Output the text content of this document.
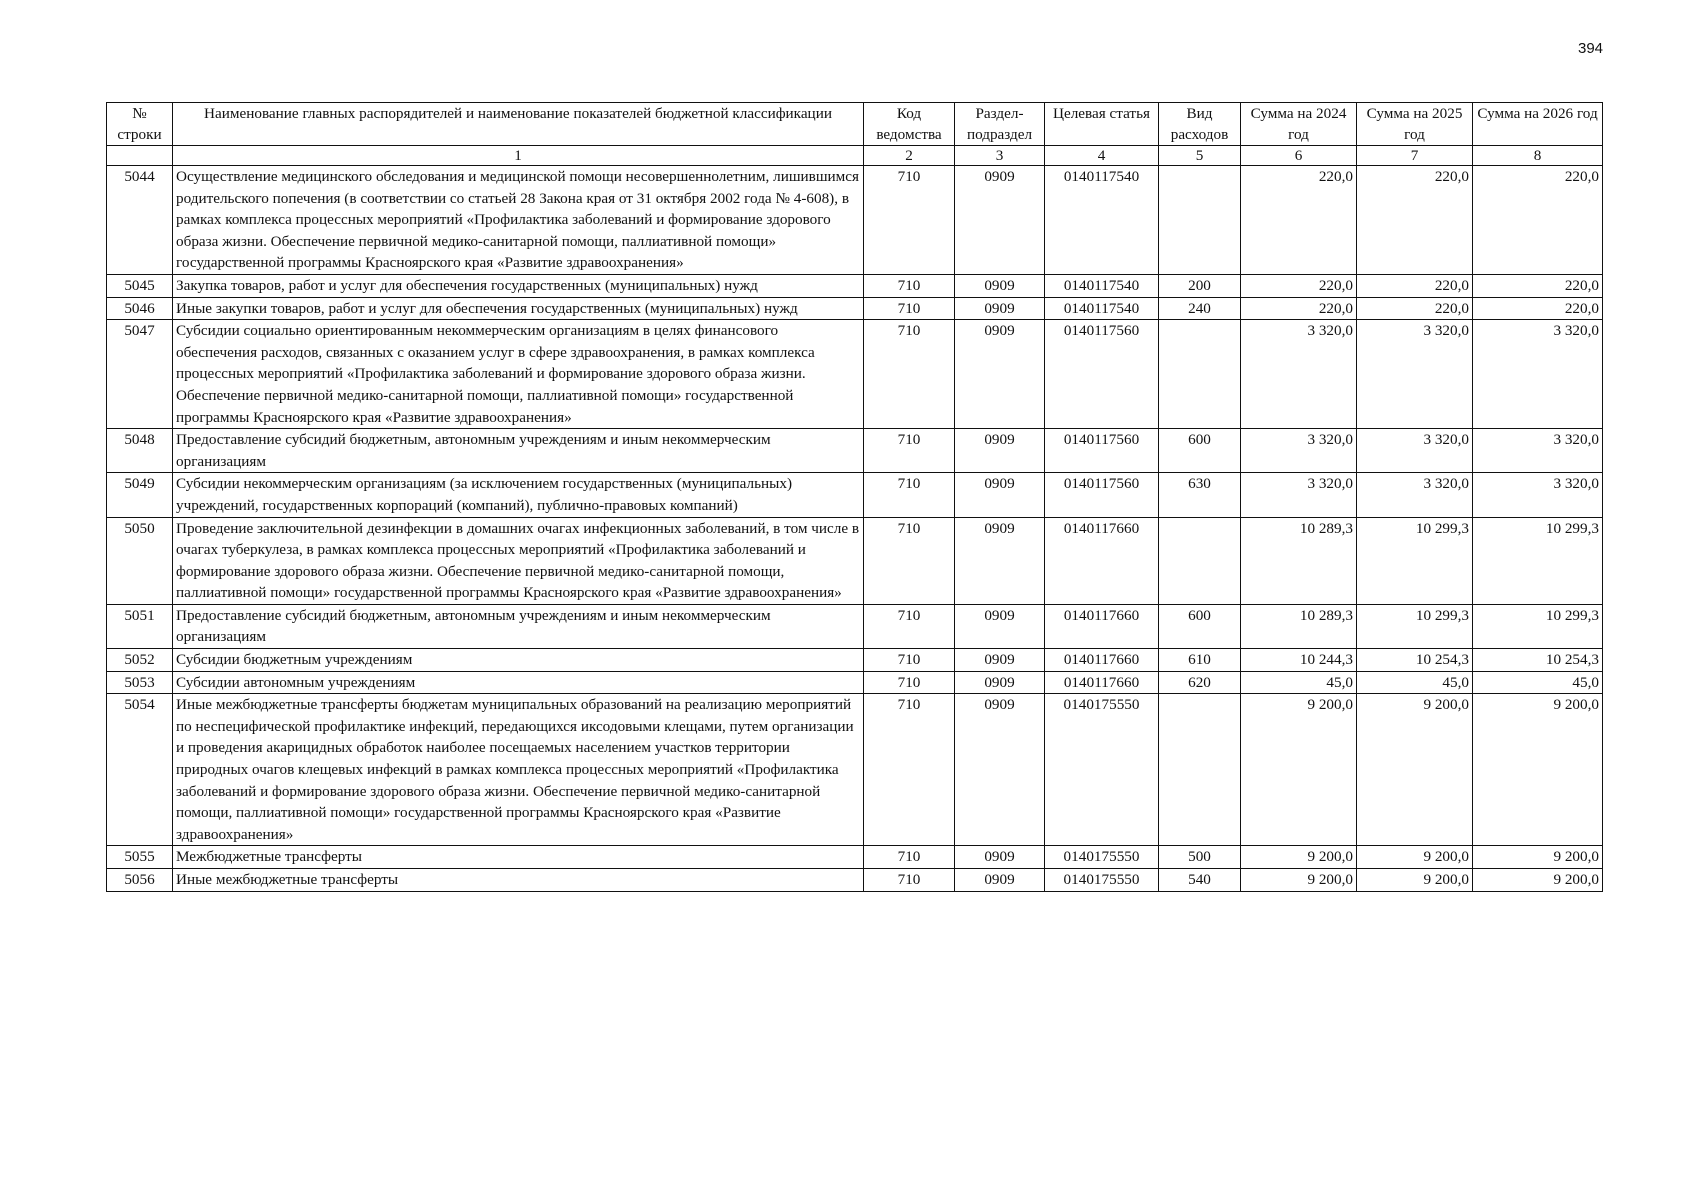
394
№ строки	Наименование главных распорядителей и наименование показателей бюджетной классификации	Код ведомства	Раздел-подраздел	Целевая статья	Вид расходов	Сумма на 2024 год	Сумма на 2025 год	Сумма на 2026 год
	1	2	3	4	5	6	7	8
5044	Осуществление медицинского обследования и медицинской помощи несовершеннолетним, лишившимся родительского попечения (в соответствии со статьей 28 Закона края от 31 октября 2002 года № 4-608), в рамках комплекса процессных мероприятий «Профилактика заболеваний и формирование здорового образа жизни. Обеспечение первичной медико-санитарной помощи, паллиативной помощи» государственной программы Красноярского края «Развитие здравоохранения»	710	0909	0140117540		220,0	220,0	220,0
5045	Закупка товаров, работ и услуг для обеспечения государственных (муниципальных) нужд	710	0909	0140117540	200	220,0	220,0	220,0
5046	Иные закупки товаров, работ и услуг для обеспечения государственных (муниципальных) нужд	710	0909	0140117540	240	220,0	220,0	220,0
5047	Субсидии социально ориентированным некоммерческим организациям в целях финансового обеспечения расходов, связанных с оказанием услуг в сфере здравоохранения, в рамках комплекса процессных мероприятий «Профилактика заболеваний и формирование здорового образа жизни. Обеспечение первичной медико-санитарной помощи, паллиативной помощи» государственной программы Красноярского края «Развитие здравоохранения»	710	0909	0140117560		3 320,0	3 320,0	3 320,0
5048	Предоставление субсидий бюджетным, автономным учреждениям и иным некоммерческим организациям	710	0909	0140117560	600	3 320,0	3 320,0	3 320,0
5049	Субсидии некоммерческим организациям (за исключением государственных (муниципальных) учреждений, государственных корпораций (компаний), публично-правовых компаний)	710	0909	0140117560	630	3 320,0	3 320,0	3 320,0
5050	Проведение заключительной дезинфекции в домашних очагах инфекционных заболеваний, в том числе в очагах туберкулеза, в рамках комплекса процессных мероприятий «Профилактика заболеваний и формирование здорового образа жизни. Обеспечение первичной медико-санитарной помощи, паллиативной помощи» государственной программы Красноярского края «Развитие здравоохранения»	710	0909	0140117660		10 289,3	10 299,3	10 299,3
5051	Предоставление субсидий бюджетным, автономным учреждениям и иным некоммерческим организациям	710	0909	0140117660	600	10 289,3	10 299,3	10 299,3
5052	Субсидии бюджетным учреждениям	710	0909	0140117660	610	10 244,3	10 254,3	10 254,3
5053	Субсидии автономным учреждениям	710	0909	0140117660	620	45,0	45,0	45,0
5054	Иные межбюджетные трансферты бюджетам муниципальных образований на реализацию мероприятий по неспецифической профилактике инфекций, передающихся иксодовыми клещами, путем организации и проведения акарицидных обработок наиболее посещаемых населением участков территории природных очагов клещевых инфекций в рамках комплекса процессных мероприятий «Профилактика заболеваний и формирование здорового образа жизни. Обеспечение первичной медико-санитарной помощи, паллиативной помощи» государственной программы Красноярского края «Развитие здравоохранения»	710	0909	0140175550		9 200,0	9 200,0	9 200,0
5055	Межбюджетные трансферты	710	0909	0140175550	500	9 200,0	9 200,0	9 200,0
5056	Иные межбюджетные трансферты	710	0909	0140175550	540	9 200,0	9 200,0	9 200,0
